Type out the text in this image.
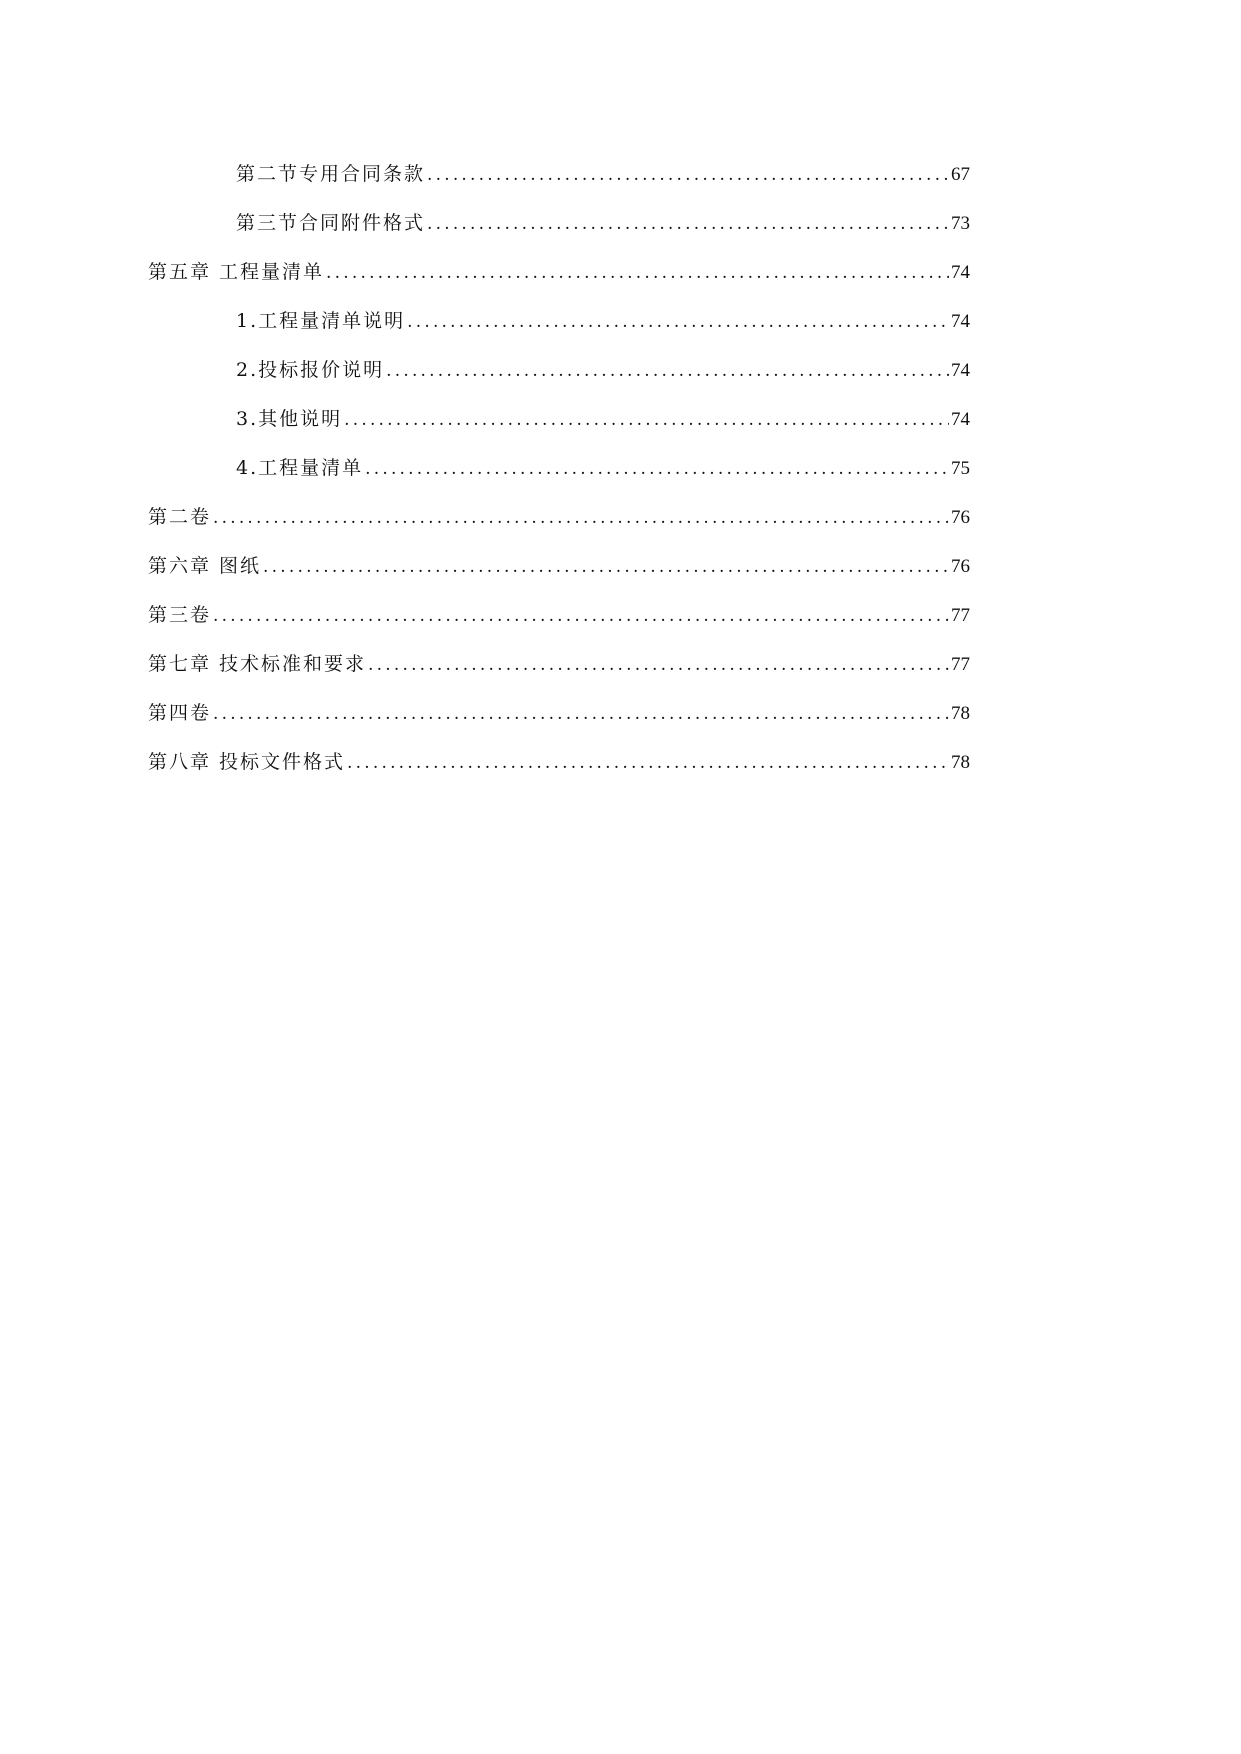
第二节专用合同条款 .....	67
第三节合同附件格式 .....	73
第五章 工程量清单 .....	74
1.工程量清单说明 .....	74
2.投标报价说明 .....	74
3.其他说明 .....	74
4.工程量清单 .....	75
第二卷 .....	76
第六章 图纸 .....	76
第三卷 .....	77
第七章 技术标准和要求 .....	77
第四卷 .....	78
第八章 投标文件格式 .....	78
